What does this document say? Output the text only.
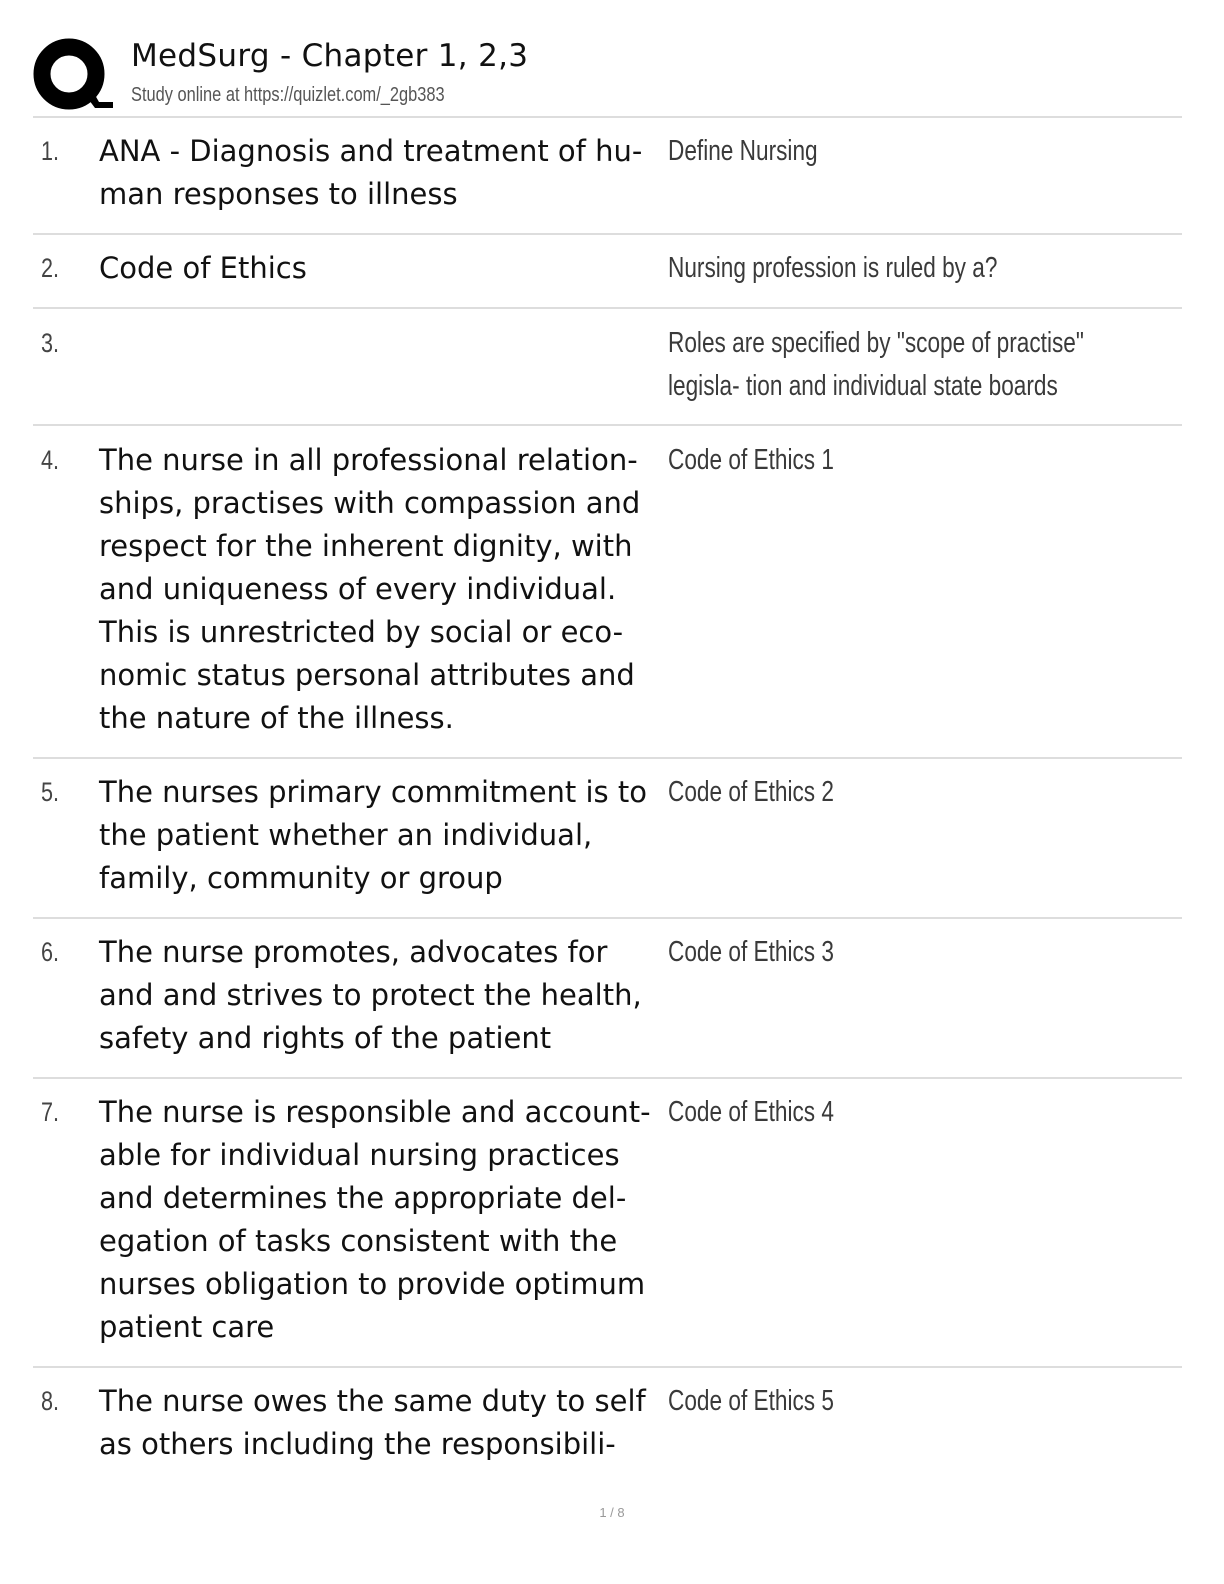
MedSurg - Chapter 1, 2,3
Study online at https://quizlet.com/_2gb383
1. ANA - Diagnosis and treatment of hu- man responses to illness
Define Nursing
2. Code of Ethics	Nursing profession is ruled by a?
3.	Roles are specified by "scope of practise" legisla- tion and individual state boards
4. The nurse in all professional relation- ships, practises with compassion and respect for the inherent dignity, with and uniqueness of every individual. This is unrestricted by social or eco- nomic status personal attributes and the nature of the illness.
Code of Ethics 1
5. The nurses primary commitment is to the patient whether an individual, family, community or group
Code of Ethics 2
6. The nurse promotes, advocates for and and strives to protect the health, safety and rights of the patient
Code of Ethics 3
7. The nurse is responsible and account- able for individual nursing practices and determines the appropriate del- egation of tasks consistent with the nurses obligation to provide optimum patient care
Code of Ethics 4
8. The nurse owes the same duty to self as others including the responsibili-
Code of Ethics 5
1 / 8
